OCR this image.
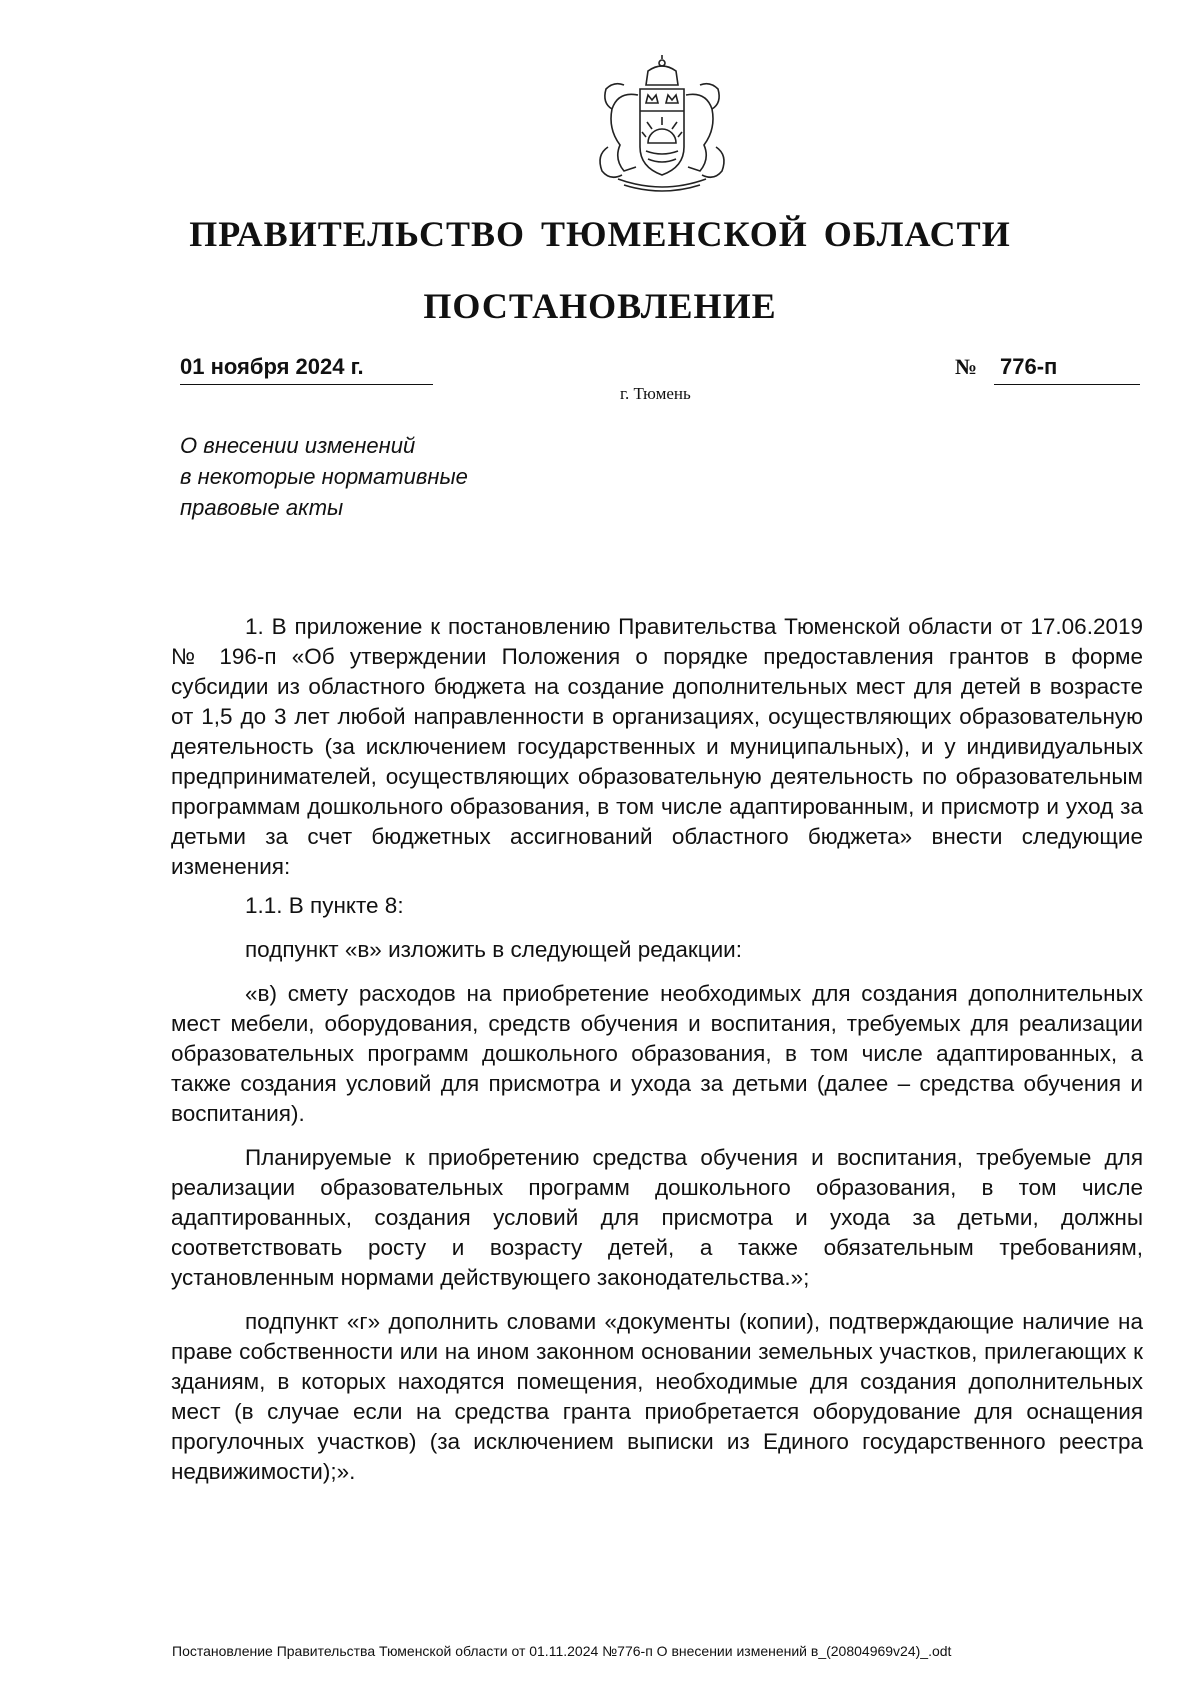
ПРАВИТЕЛЬСТВО ТЮМЕНСКОЙ ОБЛАСТИ
ПОСТАНОВЛЕНИЕ
01 ноября 2024 г.	№ 776-п
г. Тюмень
О внесении изменений
в некоторые нормативные
правовые акты

1. В приложение к постановлению Правительства Тюменской области от 17.06.2019 № 196-п «Об утверждении Положения о порядке предоставления грантов в форме субсидии из областного бюджета на создание дополнительных мест для детей в возрасте от 1,5 до 3 лет любой направленности в организациях, осуществляющих образовательную деятельность (за исключением государственных и муниципальных), и у индивидуальных предпринимателей, осуществляющих образовательную деятельность по образовательным программам дошкольного образования, в том числе адаптированным, и присмотр и уход за детьми за счет бюджетных ассигнований областного бюджета» внести следующие изменения:

1.1. В пункте 8:

подпункт «в» изложить в следующей редакции:

«в) смету расходов на приобретение необходимых для создания дополнительных мест мебели, оборудования, средств обучения и воспитания, требуемых для реализации образовательных программ дошкольного образования, в том числе адаптированных, а также создания условий для присмотра и ухода за детьми (далее – средства обучения и воспитания).

Планируемые к приобретению средства обучения и воспитания, требуемые для реализации образовательных программ дошкольного образования, в том числе адаптированных, создания условий для присмотра и ухода за детьми, должны соответствовать росту и возрасту детей, а также обязательным требованиям, установленным нормами действующего законодательства.»;

подпункт «г» дополнить словами «документы (копии), подтверждающие наличие на праве собственности или на ином законном основании земельных участков, прилегающих к зданиям, в которых находятся помещения, необходимые для создания дополнительных мест (в случае если на средства гранта приобретается оборудование для оснащения прогулочных участков) (за исключением выписки из Единого государственного реестра недвижимости);».

Постановление Правительства Тюменской области от 01.11.2024 №776-п О внесении изменений в_(20804969v24)_.odt
